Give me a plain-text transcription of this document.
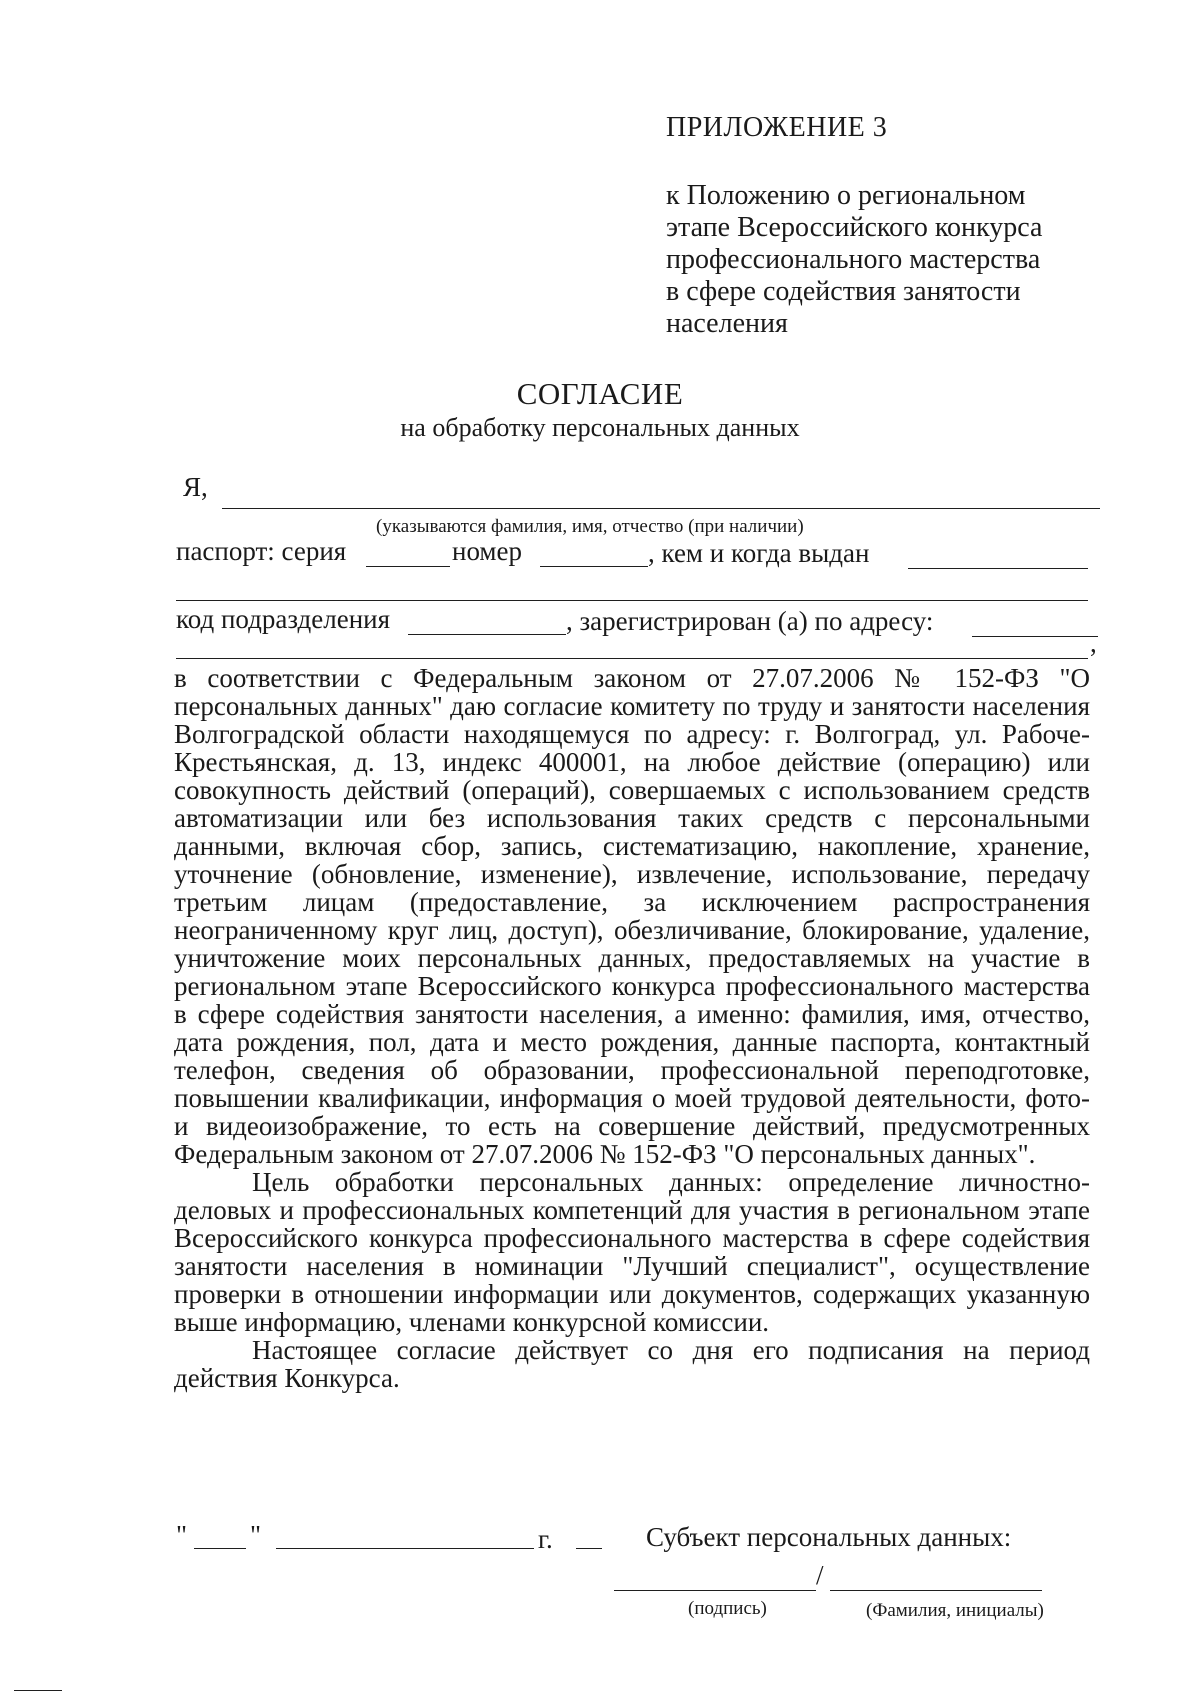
ПРИЛОЖЕНИЕ 3
к Положению о региональном
этапе Всероссийского конкурса
профессионального мастерства
в сфере содействия занятости
населения
СОГЛАСИЕ
на обработку персональных данных
Я,
(указываются фамилия, имя, отчество (при наличии)
паспорт: серия	номер	, кем и когда выдан
код подразделения	, зарегистрирован (а) по адресу:
,

в соответствии с Федеральным законом от 27.07.2006 № 152-ФЗ "О персональных данных" даю согласие комитету по труду и занятости населения Волгоградской области находящемуся по адресу: г. Волгоград, ул. Рабоче-Крестьянская, д. 13, индекс 400001, на любое действие (операцию) или совокупность действий (операций), совершаемых с использованием средств автоматизации или без использования таких средств с персональными данными, включая сбор, запись, систематизацию, накопление, хранение, уточнение (обновление, изменение), извлечение, использование, передачу третьим лицам (предоставление, за исключением распространения неограниченному круг лиц, доступ), обезличивание, блокирование, удаление, уничтожение моих персональных данных, предоставляемых на участие в региональном этапе Всероссийского конкурса профессионального мастерства в сфере содействия занятости населения, а именно: фамилия, имя, отчество, дата рождения, пол, дата и место рождения, данные паспорта, контактный телефон, сведения об образовании, профессиональной переподготовке, повышении квалификации, информация о моей трудовой деятельности, фото- и видеоизображение, то есть на совершение действий, предусмотренных Федеральным законом от 27.07.2006 № 152-ФЗ "О персональных данных".

Цель обработки персональных данных: определение личностно-деловых и профессиональных компетенций для участия в региональном этапе Всероссийского конкурса профессионального мастерства в сфере содействия занятости населения в номинации "Лучший специалист", осуществление проверки в отношении информации или документов, содержащих указанную выше информацию, членами конкурсной комиссии.

Настоящее согласие действует со дня его подписания на период действия Конкурса.

" "	г.	Субъект персональных данных:
/
(подпись)	(Фамилия, инициалы)
